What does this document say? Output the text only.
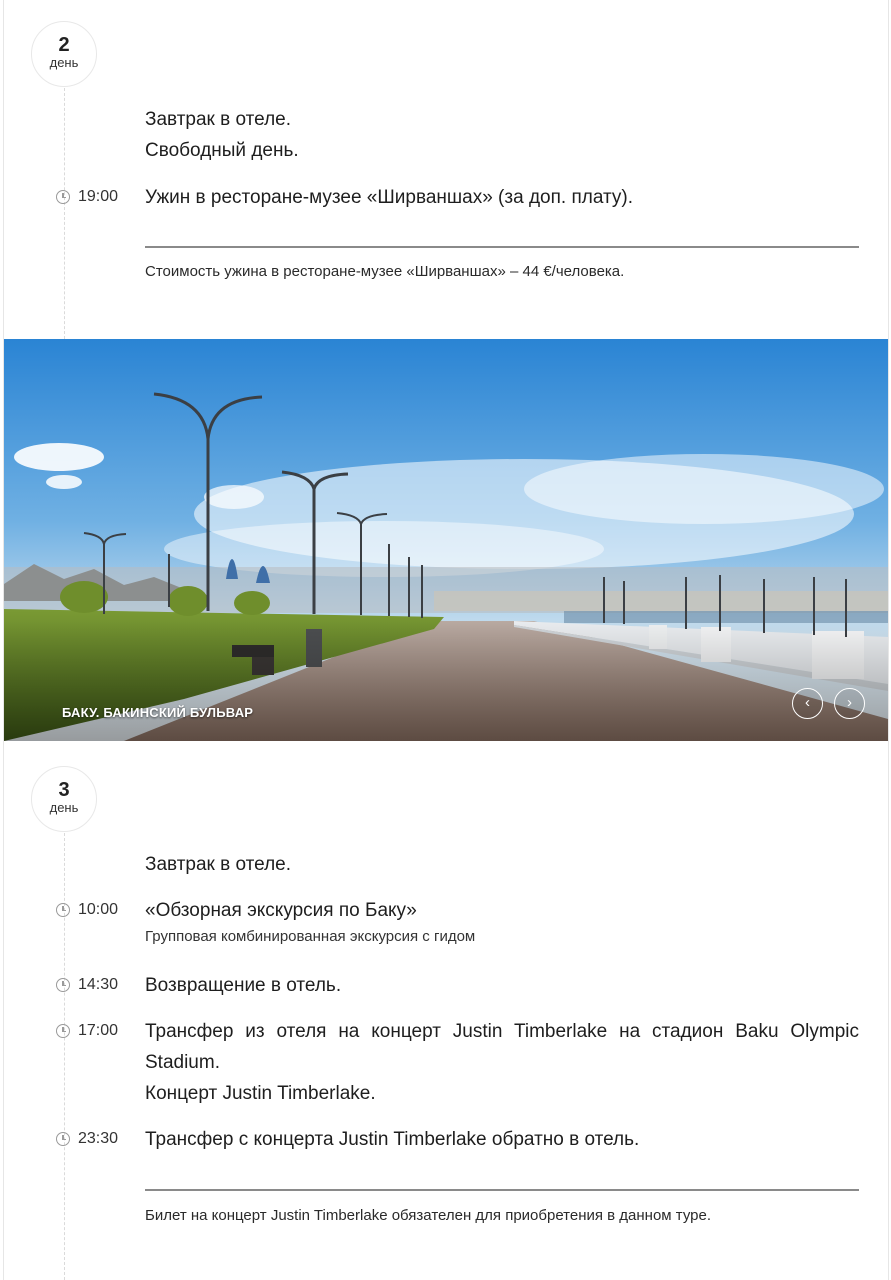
2
день

Завтрак в отеле.

Свободный день.

19:00 Ужин в ресторане-музее «Ширваншах» (за доп. плату).
Стоимость ужина в ресторане-музее «Ширваншах» – 44 €/человека.
БАКУ. БАКИНСКИЙ БУЛЬВАР
‹	›
3
день
Завтрак в отеле.
10:00 «Обзорная экскурсия по Баку»

Групповая комбинированная экскурсия с гидом

14:30 Возвращение в отель.
17:00 Трансфер из отеля на концерт Justin Timberlake на стадион Baku Olympic Stadium.

Концерт Justin Timberlake.

23:30 Трансфер с концерта Justin Timberlake обратно в отель.
Билет на концерт Justin Timberlake обязателен для приобретения в данном туре.
